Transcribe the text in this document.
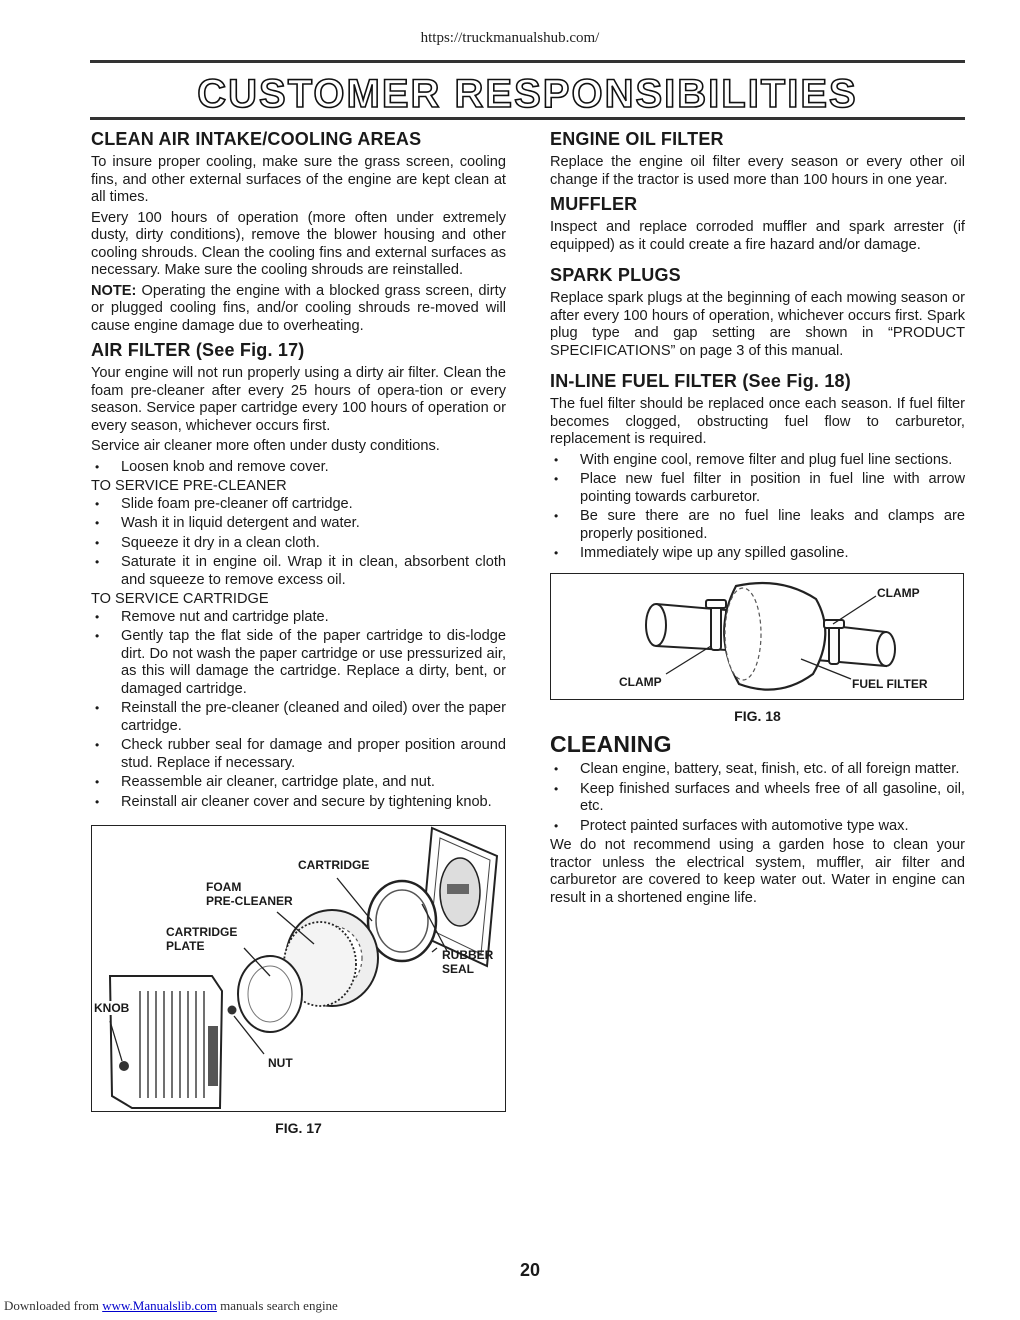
https://truckmanualshub.com/
CUSTOMER RESPONSIBILITIES
CLEAN AIR INTAKE/COOLING AREAS

To insure proper cooling, make sure the grass screen, cooling fins, and other external surfaces of the engine are kept clean at all times.

Every 100 hours of operation (more often under extremely dusty, dirty conditions), remove the blower housing and other cooling shrouds. Clean the cooling fins and external surfaces as necessary. Make sure the cooling shrouds are reinstalled.

NOTE: Operating the engine with a blocked grass screen, dirty or plugged cooling fins, and/or cooling shrouds re-moved will cause engine damage due to overheating.

AIR FILTER (See Fig. 17)

Your engine will not run properly using a dirty air filter. Clean the foam pre-cleaner after every 25 hours of opera-tion or every season. Service paper cartridge every 100 hours of operation or every season, whichever occurs first.

Service air cleaner more often under dusty conditions.

• Loosen knob and remove cover.

TO SERVICE PRE-CLEANER

• Slide foam pre-cleaner off cartridge.
• Wash it in liquid detergent and water.
• Squeeze it dry in a clean cloth.
• Saturate it in engine oil. Wrap it in clean, absorbent cloth and squeeze to remove excess oil.

TO SERVICE CARTRIDGE

• Remove nut and cartridge plate.
• Gently tap the flat side of the paper cartridge to dis-lodge dirt. Do not wash the paper cartridge or use pressurized air, as this will damage the cartridge. Replace a dirty, bent, or damaged cartridge.
• Reinstall the pre-cleaner (cleaned and oiled) over the paper cartridge.
• Check rubber seal for damage and proper position around stud. Replace if necessary.
• Reassemble air cleaner, cartridge plate, and nut.
• Reinstall air cleaner cover and secure by tightening knob.
CARTRIDGE
FOAM
PRE-CLEANER
CARTRIDGE
PLATE
RUBBER
SEAL
KNOB
NUT
FIG. 17
ENGINE OIL FILTER

Replace the engine oil filter every season or every other oil change if the tractor is used more than 100 hours in one year.

MUFFLER

Inspect and replace corroded muffler and spark arrester (if equipped) as it could create a fire hazard and/or damage.

SPARK PLUGS

Replace spark plugs at the beginning of each mowing season or after every 100 hours of operation, whichever occurs first. Spark plug type and gap setting are shown in “PRODUCT SPECIFICATIONS” on page 3 of this manual.

IN-LINE FUEL FILTER (See Fig. 18)

The fuel filter should be replaced once each season. If fuel filter becomes clogged, obstructing fuel flow to carburetor, replacement is required.

• With engine cool, remove filter and plug fuel line sections.
• Place new fuel filter in position in fuel line with arrow pointing towards carburetor.
• Be sure there are no fuel line leaks and clamps are properly positioned.
• Immediately wipe up any spilled gasoline.
CLAMP
CLAMP	FUEL FILTER
FIG. 18
CLEANING
• Clean engine, battery, seat, finish, etc. of all foreign matter.
• Keep finished surfaces and wheels free of all gasoline, oil, etc.
• Protect painted surfaces with automotive type wax.

We do not recommend using a garden hose to clean your tractor unless the electrical system, muffler, air filter and carburetor are covered to keep water out. Water in engine can result in a shortened engine life.

20
Downloaded from www.Manualslib.com manuals search engine
